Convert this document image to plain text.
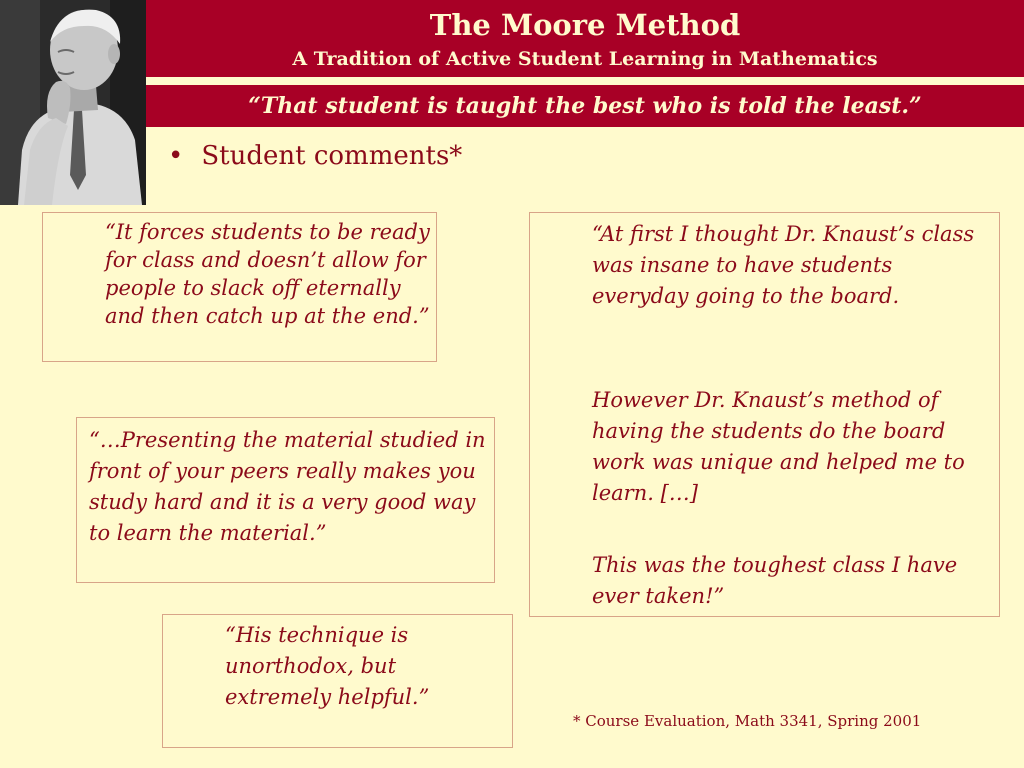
The Moore Method
A Tradition of Active Student Learning in Mathematics
“That student is taught the best who is told the least.”
• Student comments*

“It forces students to be ready for class and doesn’t allow for people to slack off eternally and then catch up at the end.”

“…Presenting the material studied in front of your peers really makes you study hard and it is a very good way to learn the material.”

“His technique is unorthodox, but extremely helpful.”

“At first I thought Dr. Knaust’s class was insane to have students everyday going to the board.

However Dr. Knaust’s method of having the students do the board work was unique and helped me to learn. […]

This was the toughest class I have ever taken!”

* Course Evaluation, Math 3341, Spring 2001
